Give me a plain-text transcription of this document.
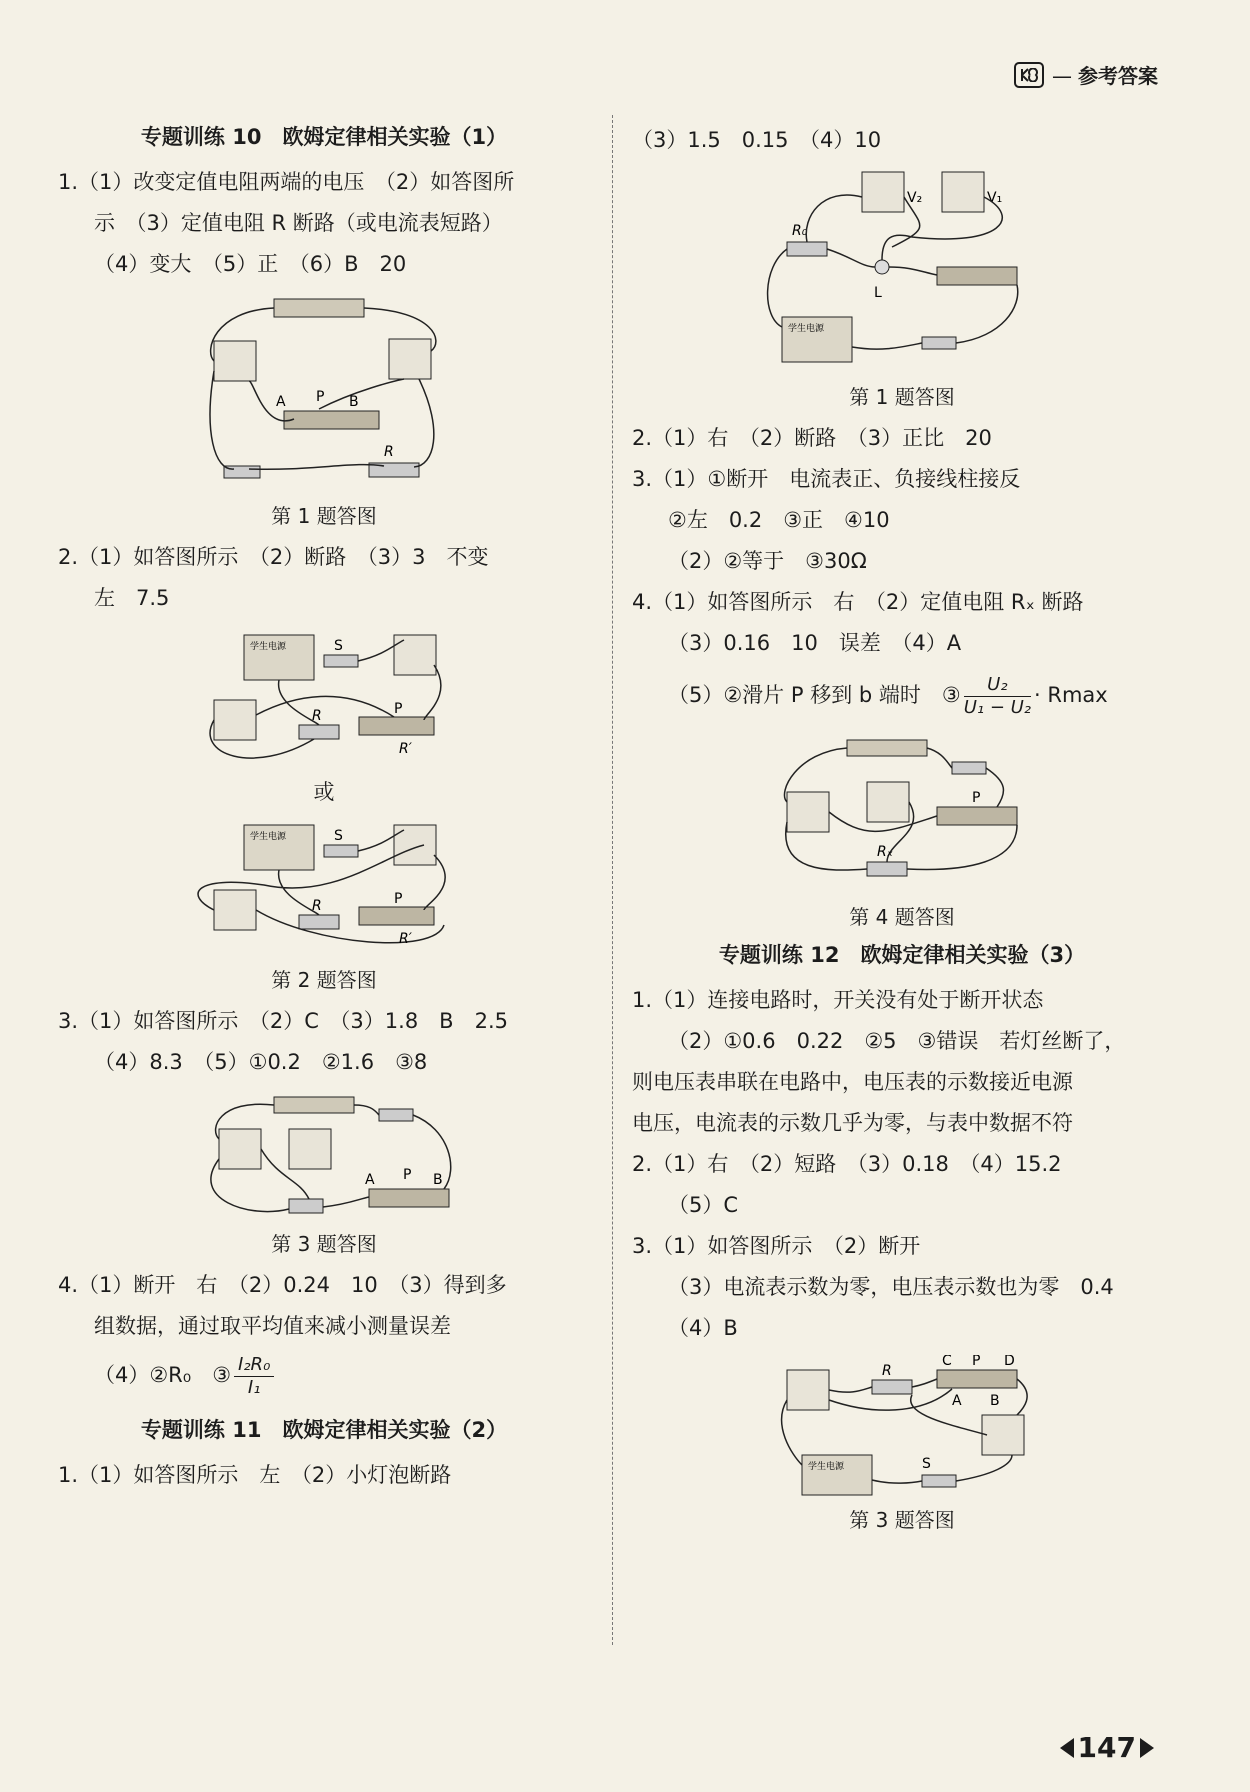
— 参考答案
专题训练 10　欧姆定律相关实验（1）
1.（1）改变定值电阻两端的电压　（2）如答图所
示　（3）定值电阻 R 断路（或电流表短路）
（4）变大　（5）正　（6）B　20
A P B
R
第 1 题答图
2.（1）如答图所示　（2）断路　（3）3　不变
左　7.5
学生电源	S
R	P
R′
或
学生电源	S
R	P
R′
第 2 题答图
3.（1）如答图所示　（2）C　（3）1.8　B　2.5
（4）8.3　（5）①0.2　②1.6　③8
A P B
第 3 题答图
4.（1）断开　右　（2）0.24　10　（3）得到多
组数据，通过取平均值来减小测量误差
（4）②R₀　③ $\frac{\text{I₂R₀}}{\text{I₁}}$
专题训练 11　欧姆定律相关实验（2）
1.（1）如答图所示　左　（2）小灯泡断路
（3）1.5　0.15　（4）10
V₂	V₁
R₀
L
学生电源
第 1 题答图
2.（1）右　（2）断路　（3）正比　20
3.（1）①断开　电流表正、负接线柱接反
②左　0.2　③正　④10
（2）②等于　③30Ω
4.（1）如答图所示　右　（2）定值电阻 Rₓ 断路
（3）0.16　10　误差　（4）A
（5）②滑片 P 移到 b 端时　③ $\frac{\text{U₂}}{\text{U₁ − U₂}} \cdot Rmax$
P
Rₓ
第 4 题答图
专题训练 12　欧姆定律相关实验（3）
1.（1）连接电路时，开关没有处于断开状态
（2）①0.6　0.22　②5　③错误　若灯丝断了，
则电压表串联在电路中，电压表的示数接近电源
电压，电流表的示数几乎为零，与表中数据不符
2.（1）右　（2）短路　（3）0.18　（4）15.2
（5）C
3.（1）如答图所示　（2）断开
（3）电流表示数为零，电压表示数也为零　0.4
（4）B
R
C P D
A B
学生电源	S
第 3 题答图
147
